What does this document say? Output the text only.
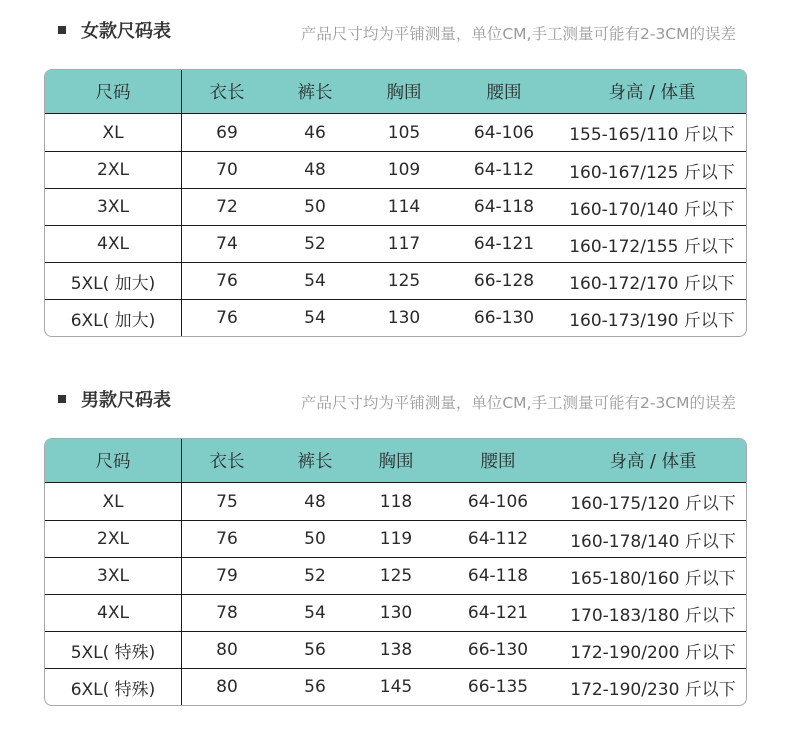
女款尺码表	产品尺寸均为平铺测量，单位CM,手工测量可能有2-3CM的误差
尺码	衣长	裤长	胸围	腰围	身高 / 体重
XL	69	46	105	64-106	155-165/110 斤以下
2XL	70	48	109	64-112	160-167/125 斤以下
3XL	72	50	114	64-118	160-170/140 斤以下
4XL	74	52	117	64-121	160-172/155 斤以下
5XL( 加大)	76	54	125	66-128	160-172/170 斤以下
6XL( 加大)	76	54	130	66-130	160-173/190 斤以下
男款尺码表	产品尺寸均为平铺测量，单位CM,手工测量可能有2-3CM的误差
尺码	衣长	裤长	胸围	腰围	身高 / 体重
XL	75	48	118	64-106	160-175/120 斤以下
2XL	76	50	119	64-112	160-178/140 斤以下
3XL	79	52	125	64-118	165-180/160 斤以下
4XL	78	54	130	64-121	170-183/180 斤以下
5XL( 特殊)	80	56	138	66-130	172-190/200 斤以下
6XL( 特殊)	80	56	145	66-135	172-190/230 斤以下
